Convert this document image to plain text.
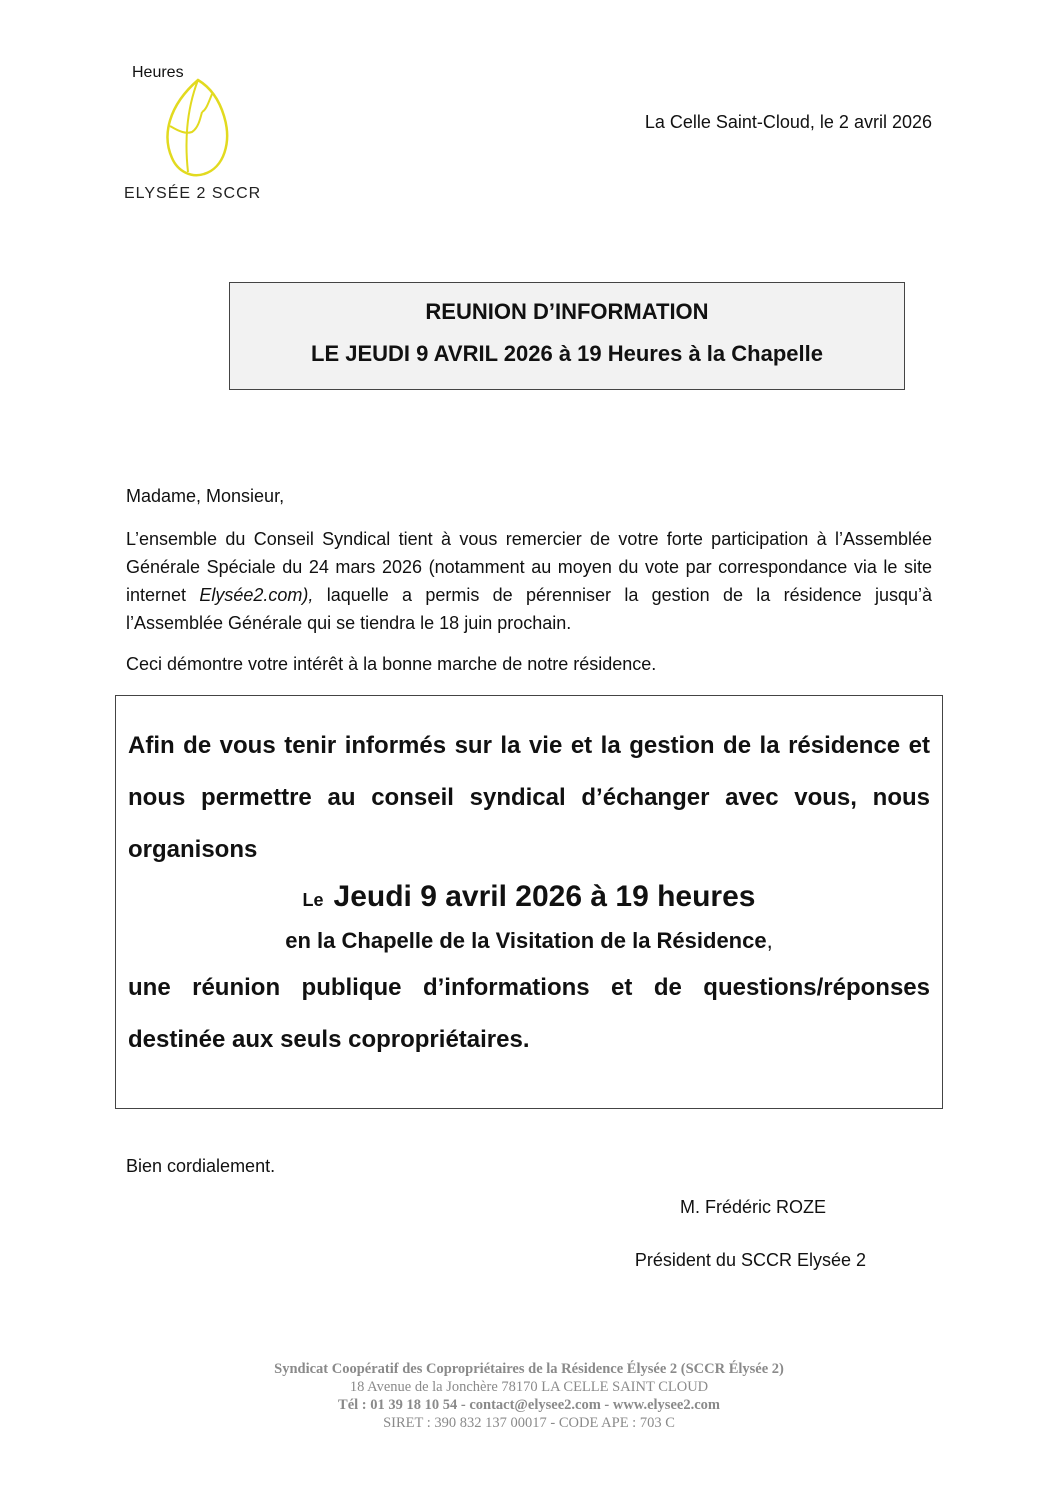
Heures
ELYSÉE 2 SCCR
La Celle Saint-Cloud, le 2 avril 2026
REUNION D’INFORMATION
LE JEUDI 9 AVRIL 2026 à 19 Heures à la Chapelle
Madame, Monsieur,
L’ensemble du Conseil Syndical tient à vous remercier de votre forte participation à l’Assemblée Générale Spéciale du 24 mars 2026 (notamment au moyen du vote par correspondance via le site internet Elysée2.com), laquelle a permis de pérenniser la gestion de la résidence jusqu’à l’Assemblée Générale qui se tiendra le 18 juin prochain.
Ceci démontre votre intérêt à la bonne marche de notre résidence.
Afin de vous tenir informés sur la vie et la gestion de la résidence et nous permettre au conseil syndical d’échanger avec vous, nous organisons
Le Jeudi 9 avril 2026 à 19 heures
en la Chapelle de la Visitation de la Résidence,
une réunion publique d’informations et de questions/réponses destinée aux seuls copropriétaires.
Bien cordialement.
M. Frédéric ROZE
Président du SCCR Elysée 2
Syndicat Coopératif des Copropriétaires de la Résidence Élysée 2 (SCCR Élysée 2)
18 Avenue de la Jonchère 78170 LA CELLE SAINT CLOUD
Tél : 01 39 18 10 54 - contact@elysee2.com - www.elysee2.com
SIRET : 390 832 137 00017 - CODE APE : 703 C
